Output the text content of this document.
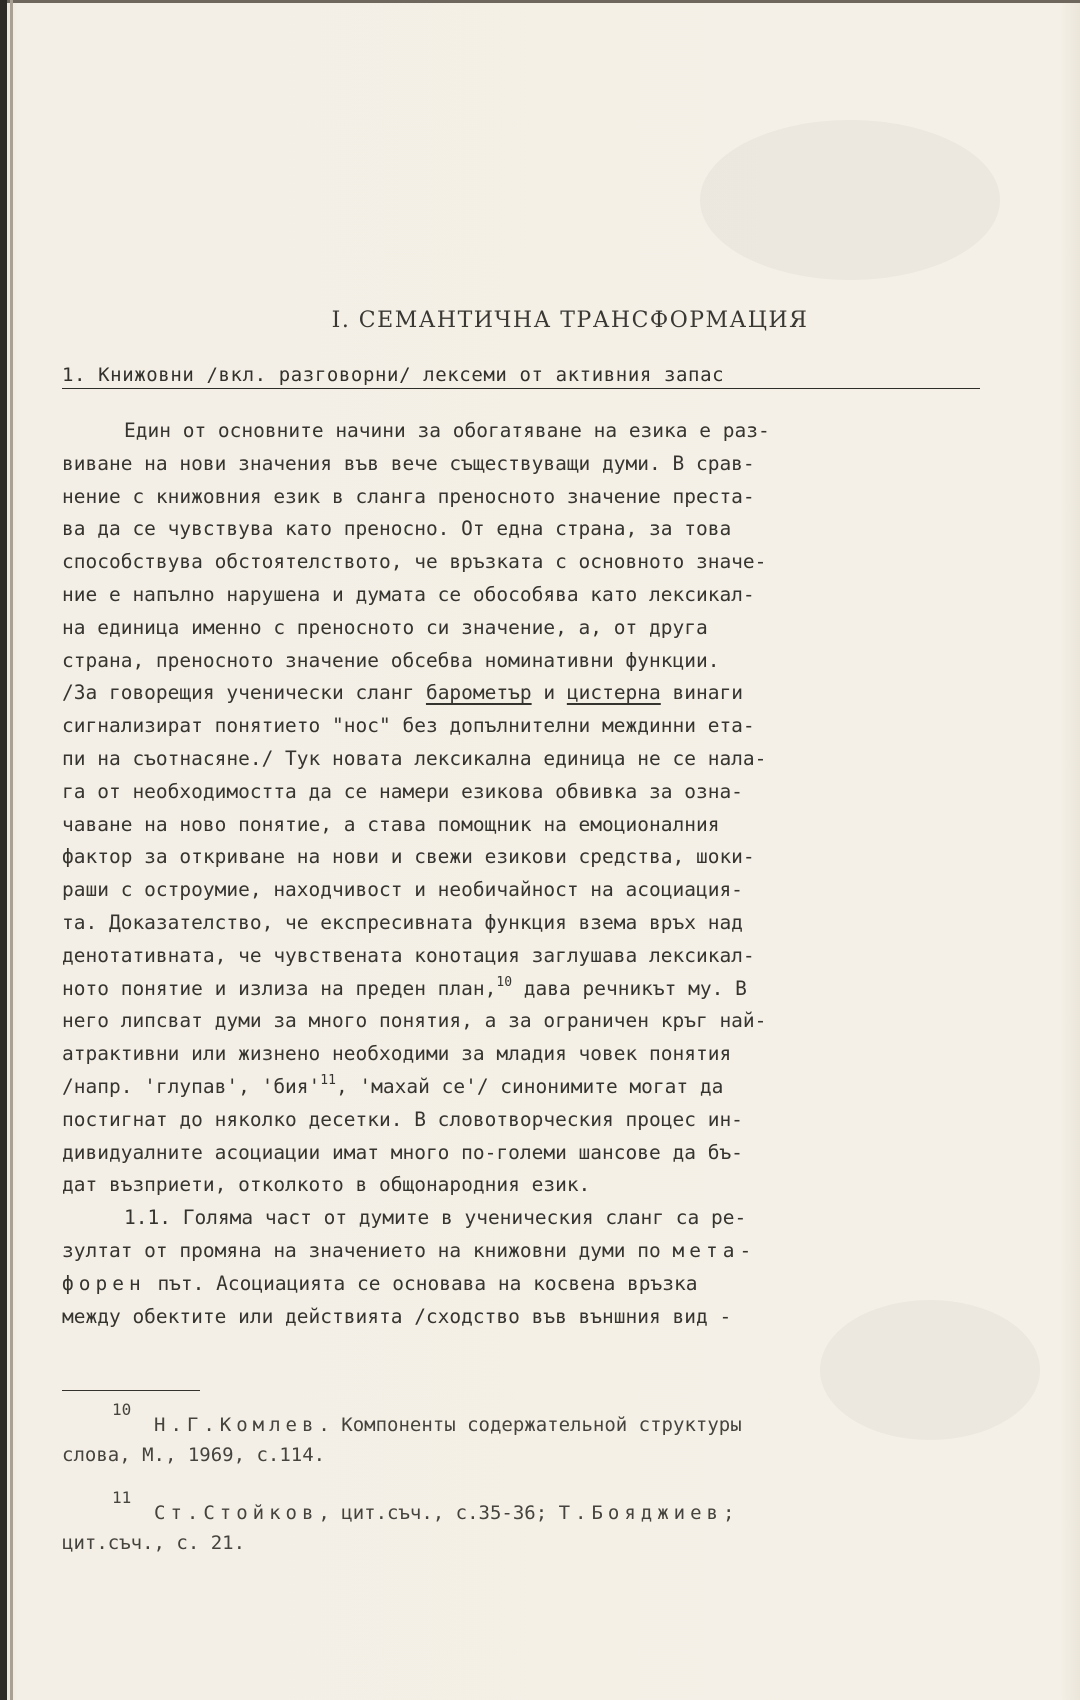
I. СЕМАНТИЧНА ТРАНСФОРМАЦИЯ
1. Книжовни /вкл. разговорни/ лексеми от активния запас
Един от основните начини за обогатяване на езика е раз-
виване на нови значения във вече съществуващи думи. В срав-
нение с книжовния език в сланга преносното значение преста-
ва да се чувствува като преносно. От една страна, за това
способствува обстоятелството, че връзката с основното значе-
ние е напълно нарушена и думата се обособява като лексикал-
на единица именно с преносното си значение, а, от друга
страна, преносното значение обсебва номинативни функции.
/За говорещия ученически сланг барометър и цистерна винаги
сигнализират понятието "нос" без допълнителни междинни ета-
пи на съотнасяне./ Тук новата лексикална единица не се нала-
га от необходимостта да се намери езикова обвивка за озна-
чаване на ново понятие, а става помощник на емоционалния
фактор за откриване на нови и свежи езикови средства, шоки-
раши с остроумие, находчивост и необичайност на асоциация-
та. Доказателство, че експресивната функция взема връх над
денотативната, че чувствената конотация заглушава лексикал-
ното понятие и излиза на преден план,$^{10}$ дава речникът му. В
него липсват думи за много понятия, а за ограничен кръг най-
атрактивни или жизнено необходими за младия човек понятия
/напр. 'глупав', '$бия'^{11}$, 'махай се'/ синонимите могат да
постигнат до няколко десетки. В словотворческия процес ин-
дивидуалните асоциации имат много по-големи шансове да бъ-
дат възприети, отколкото в общонародния език.
1.1. Голяма част от думите в ученическия сланг са ре-
зултат от промяна на значението на книжовни думи по мета-
форен път. Асоциацията се основава на косвена връзка
между обектите или действията /сходство във външния вид -
10
Н.Г.Комлев. Компоненты содержательной структуры
слова, М., 1969, с.114.
11
Ст.Стойков, цит.съч., с.35-36; Т.Бояджиев;
цит.съч., с. 21.
